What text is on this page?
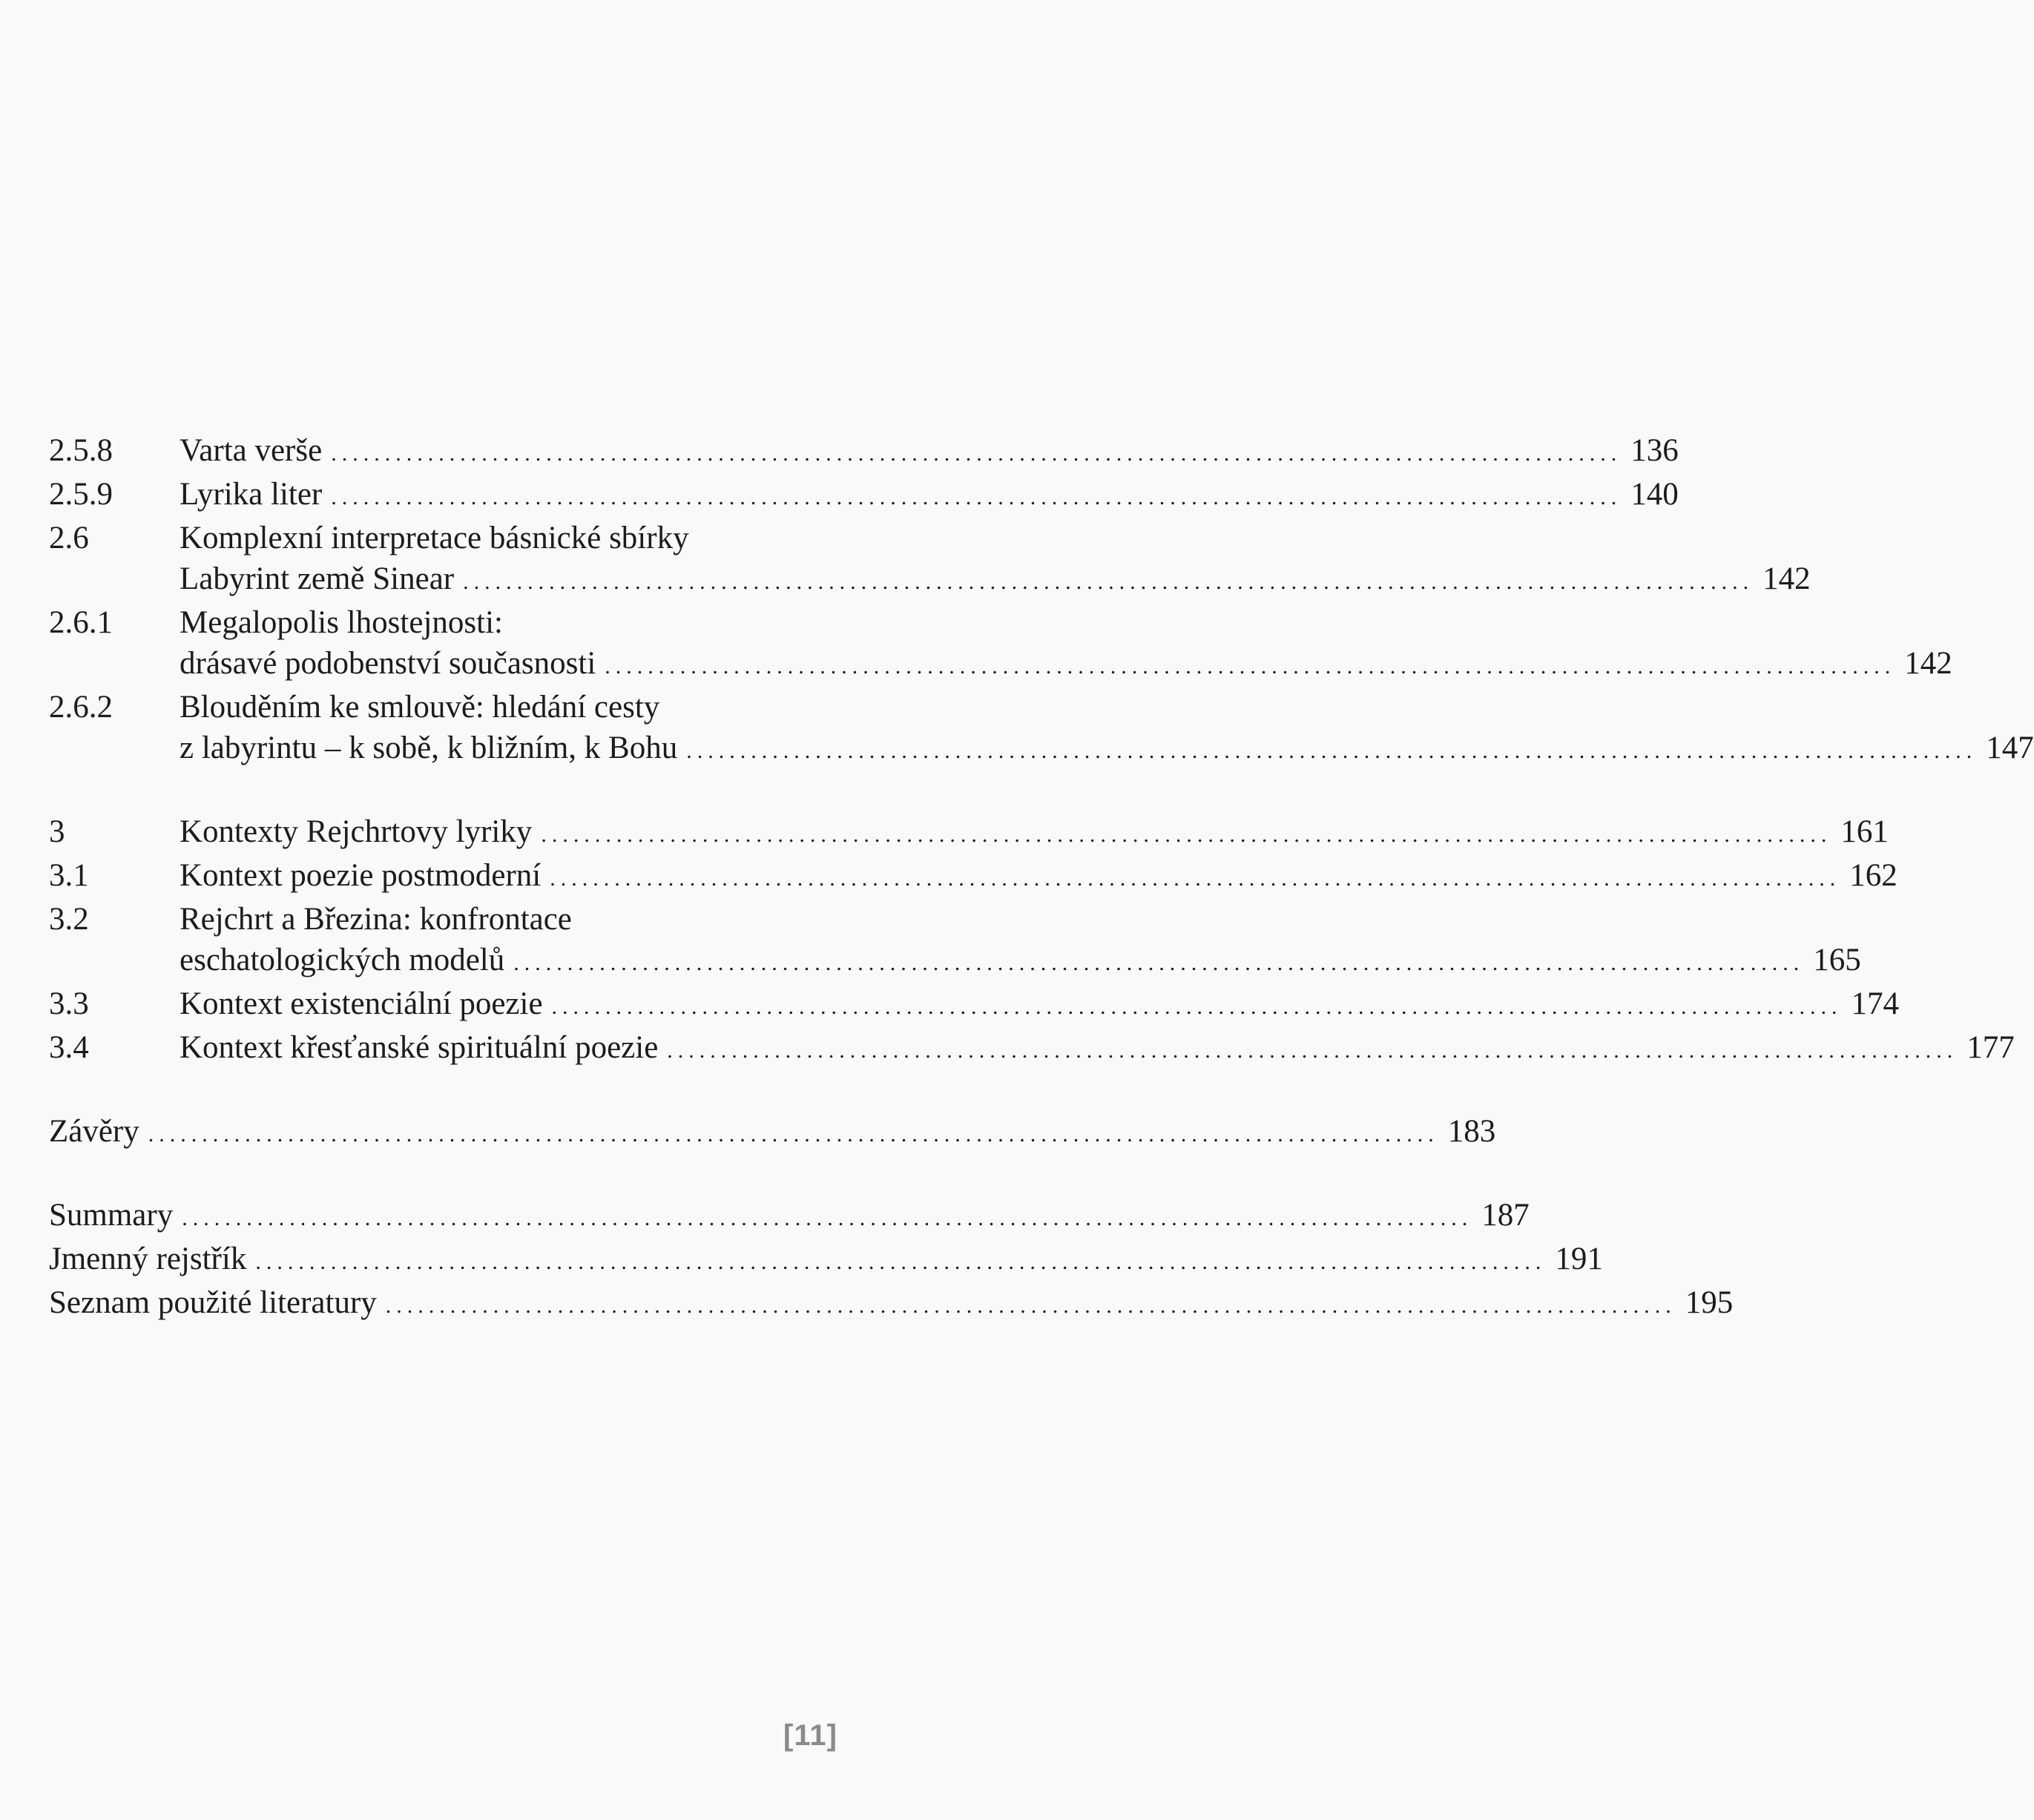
2.5.8	Varta verše .....	136
2.5.9	Lyrika liter .....	140
2.6	Komplexní interpretace básnické sbírky
Labyrint země Sinear .....	142
2.6.1	Megalopolis lhostejnosti:
drásavé podobenství současnosti .....	142
2.6.2	Blouděním ke smlouvě: hledání cesty
z labyrintu – k sobě, k bližním, k Bohu .....	147
3	Kontexty Rejchrtovy lyriky .....	161
3.1	Kontext poezie postmoderní .....	162
3.2	Rejchrt a Březina: konfrontace
eschatologických modelů .....	165
3.3	Kontext existenciální poezie .....	174
3.4	Kontext křesťanské spirituální poezie .....	177
Závěry .....	183
Summary .....	187
Jmenný rejstřík .....	191
Seznam použité literatury .....	195
[11]
